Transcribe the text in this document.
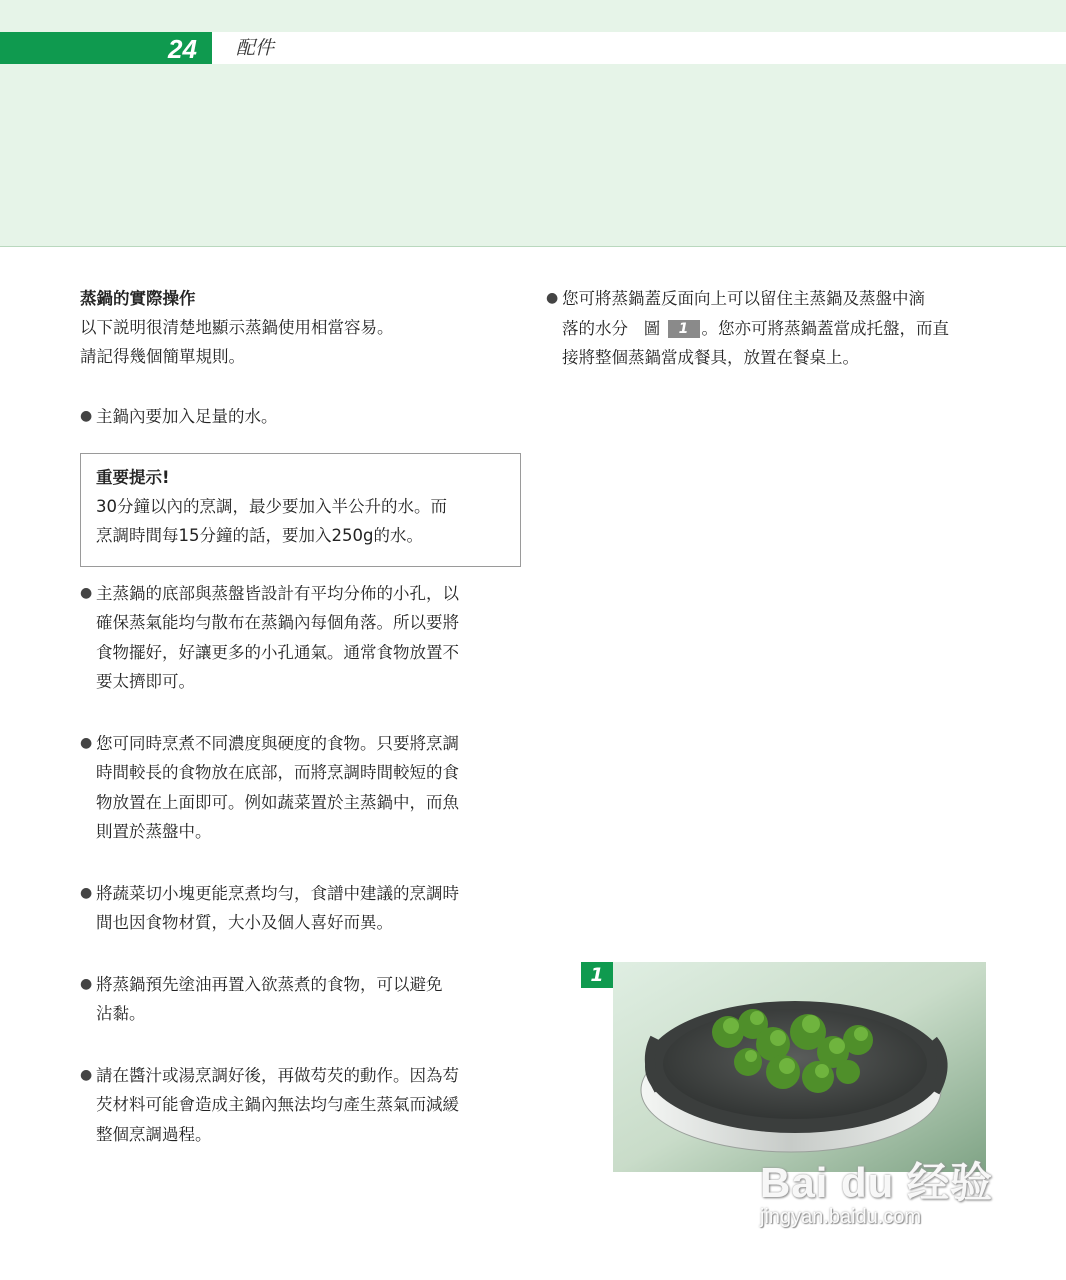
24	配件

蒸鍋的實際操作

以下説明很清楚地顯示蒸鍋使用相當容易。

請記得幾個簡單規則。

● 主鍋內要加入足量的水。
重要提示!
30分鐘以內的烹調，最少要加入半公升的水。而
烹調時間每15分鐘的話，要加入250g的水。
● 主蒸鍋的底部與蒸盤皆設計有平均分佈的小孔，以
確保蒸氣能均勻散布在蒸鍋內每個角落。所以要將
食物擺好，好讓更多的小孔通氣。通常食物放置不
要太擠即可。
● 您可同時烹煮不同濃度與硬度的食物。只要將烹調
時間較長的食物放在底部，而將烹調時間較短的食
物放置在上面即可。例如蔬菜置於主蒸鍋中，而魚
則置於蒸盤中。
● 將蔬菜切小塊更能烹煮均勻，食譜中建議的烹調時
間也因食物材質，大小及個人喜好而異。
● 將蒸鍋預先塗油再置入欲蒸煮的食物，可以避免
沾黏。
● 請在醬汁或湯烹調好後，再做芶芡的動作。因為芶
芡材料可能會造成主鍋內無法均勻產生蒸氣而減緩
整個烹調過程。
● 您可將蒸鍋蓋反面向上可以留住主蒸鍋及蒸盤中滴
落的水分 圖 1 。您亦可將蒸鍋蓋當成托盤，而直
接將整個蒸鍋當成餐具，放置在餐桌上。
1
Bai du 经验
jingyan.baidu.com
